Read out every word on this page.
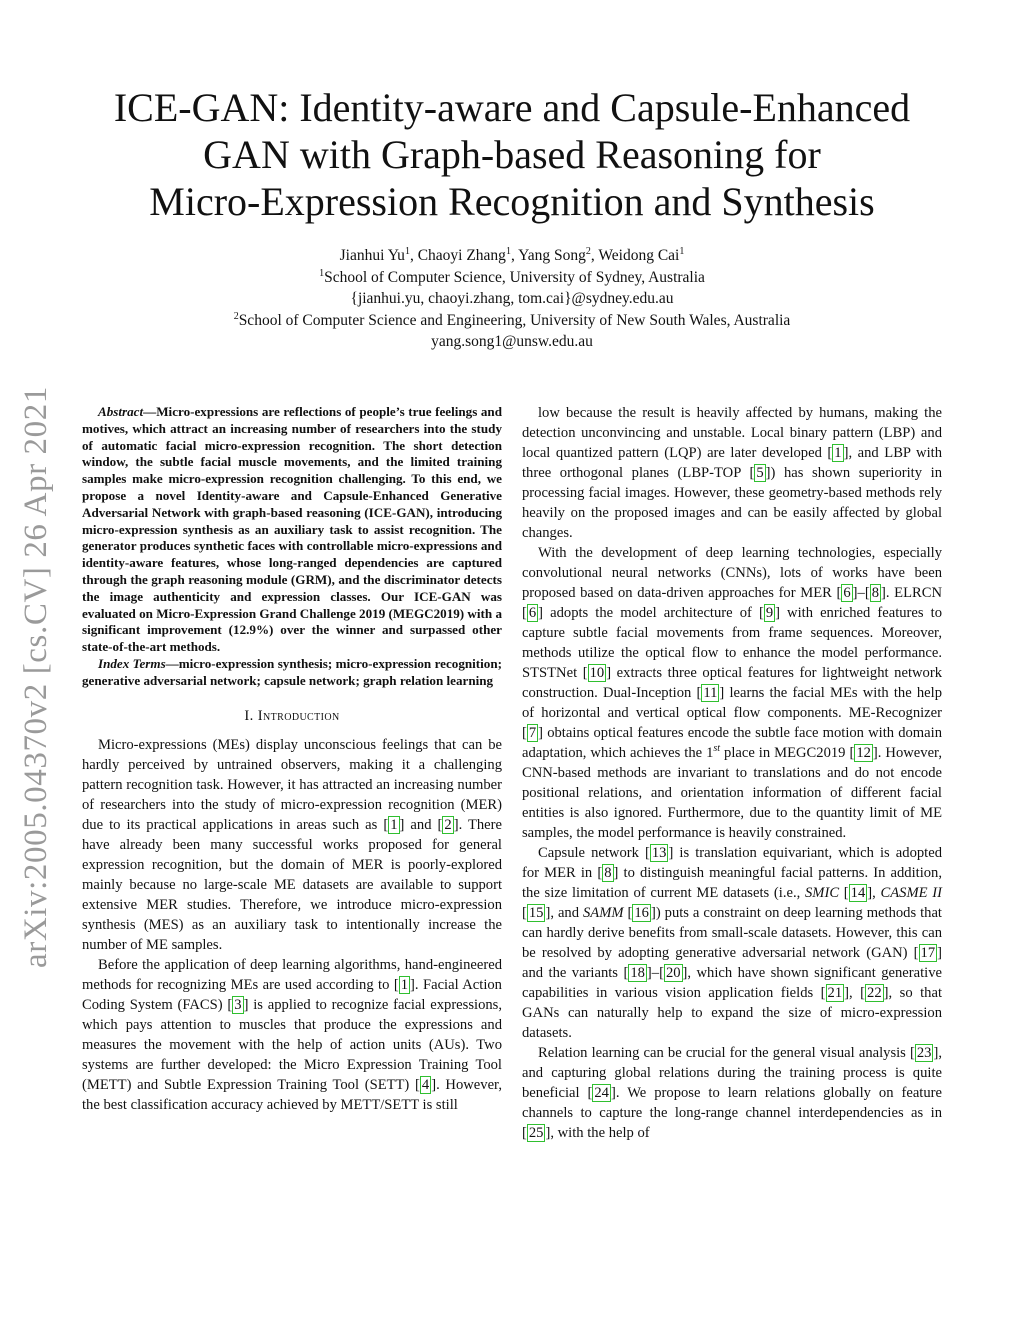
ICE-GAN: Identity-aware and Capsule-Enhanced
GAN with Graph-based Reasoning for
Micro-Expression Recognition and Synthesis
Jianhui Yu$^1$, Chaoyi Zhang$^1$, Yang Song$^2$, Weidong Cai$^1$
$^1$School of Computer Science, University of Sydney, Australia
{jianhui.yu, chaoyi.zhang, tom.cai}@sydney.edu.au
$^2$School of Computer Science and Engineering, University of New South Wales, Australia
yang.song1@unsw.edu.au
arXiv:2005.04370v2 [cs.CV] 26 Apr 2021	Abstract—Micro-expressions are reflections of people’s true feelings and motives, which attract an increasing number of researchers into the study of automatic facial micro-expression recognition. The short detection window, the subtle facial muscle movements, and the limited training samples make micro-expression recognition challenging. To this end, we propose a novel Identity-aware and Capsule-Enhanced Generative Adversarial Network with graph-based reasoning (ICE-GAN), introducing micro-expression synthesis as an auxiliary task to assist recognition. The generator produces synthetic faces with controllable micro-expressions and identity-aware features, whose long-ranged dependencies are captured through the graph reasoning module (GRM), and the discriminator detects the image authenticity and expression classes. Our ICE-GAN was evaluated on Micro-Expression Grand Challenge 2019 (MEGC2019) with a significant improvement (12.9%) over the winner and surpassed other state-of-the-art methods.

Index Terms—micro-expression synthesis; micro-expression recognition; generative adversarial network; capsule network; graph relation learning

I. Introduction

Micro-expressions (MEs) display unconscious feelings that can be hardly perceived by untrained observers, making it a challenging pattern recognition task. However, it has attracted an increasing number of researchers into the study of micro-expression recognition (MER) due to its practical applications in areas such as [ 1 ] and [ 2 ]. There have already been many successful works proposed for general expression recognition, but the domain of MER is poorly-explored mainly because no large-scale ME datasets are available to support extensive MER studies. Therefore, we introduce micro-expression synthesis (MES) as an auxiliary task to intentionally increase the number of ME samples.

Before the application of deep learning algorithms, hand-engineered methods for recognizing MEs are used according to [ 1 ]. Facial Action Coding System (FACS) [ 3 ] is applied to recognize facial expressions, which pays attention to muscles that produce the expressions and measures the movement with the help of action units (AUs). Two systems are further developed: the Micro Expression Training Tool (METT) and Subtle Expression Training Tool (SETT) [ 4 ]. However, the best classification accuracy achieved by METT/SETT is still

low because the result is heavily affected by humans, making the detection unconvincing and unstable. Local binary pattern (LBP) and local quantized pattern (LQP) are later developed [ 1 ], and LBP with three orthogonal planes (LBP-TOP [ 5 ]) has shown superiority in processing facial images. However, these geometry-based methods rely heavily on the proposed images and can be easily affected by global changes.

With the development of deep learning technologies, especially convolutional neural networks (CNNs), lots of works have been proposed based on data-driven approaches for MER [ 6 ]–[ 8 ]. ELRCN [ 6 ] adopts the model architecture of [ 9 ] with enriched features to capture subtle facial movements from frame sequences. Moreover, methods utilize the optical flow to enhance the model performance. STSTNet [ 10 ] extracts three optical features for lightweight network construction. Dual-Inception [ 11 ] learns the facial MEs with the help of horizontal and vertical optical flow components. ME-Recognizer [ 7 ] obtains optical features encode the subtle face motion with domain adaptation, which achieves the 1st place in MEGC2019 [ 12 ]. However, CNN-based methods are invariant to translations and do not encode positional relations, and orientation information of different facial entities is also ignored. Furthermore, due to the quantity limit of ME samples, the model performance is heavily constrained.

Capsule network [ 13 ] is translation equivariant, which is adopted for MER in [ 8 ] to distinguish meaningful facial patterns. In addition, the size limitation of current ME datasets (i.e., SMIC [ 14 ], CASME II [ 15 ], and SAMM [ 16 ]) puts a constraint on deep learning methods that can hardly derive benefits from small-scale datasets. However, this can be resolved by adopting generative adversarial network (GAN) [ 17 ] and the variants [ 18 ]–[ 20 ], which have shown significant generative capabilities in various vision application fields [ 21 ], [ 22 ], so that GANs can naturally help to expand the size of micro-expression datasets.

Relation learning can be crucial for the general visual analysis [ 23 ], and capturing global relations during the training process is quite beneficial [ 24 ]. We propose to learn relations globally on feature channels to capture the long-range channel interdependencies as in [ 25 ], with the help of
